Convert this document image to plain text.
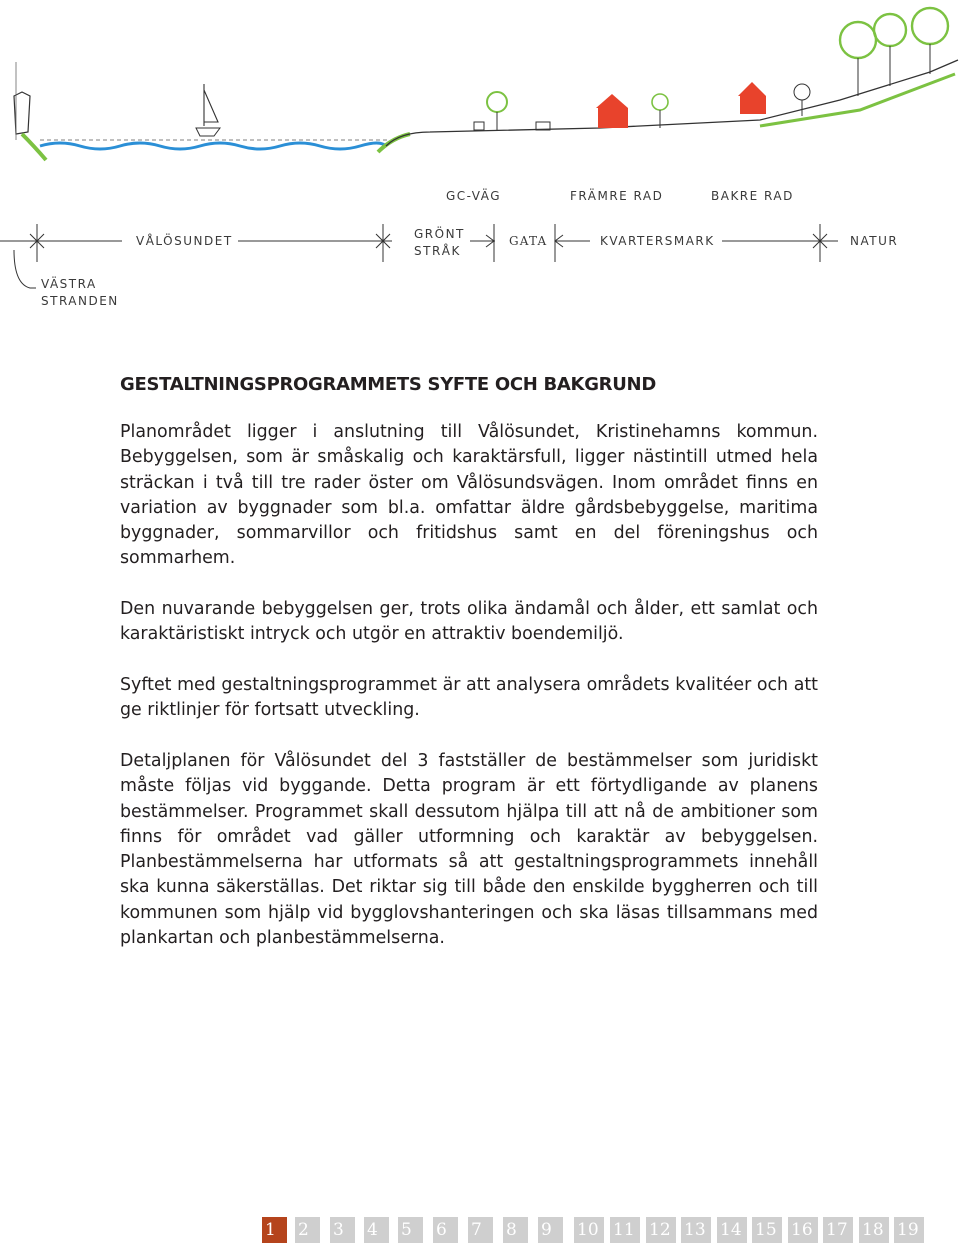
GC-VÄG	FRÄMRE RAD	BAKRE RAD
VÅLÖSUNDET	GRÖNT
STRÅK
GATA	KVARTERSMARK	NATUR
VÄSTRA
STRANDEN
GESTALTNINGSPROGRAMMETS SYFTE OCH BAKGRUND

Planområdet ligger i anslutning till Vålösundet, Kristinehamns kommun. Bebyggelsen, som är småskalig och karaktärsfull, ligger nästintill utmed hela sträckan i två till tre rader öster om Vålösundsvägen. Inom området finns en variation av byggnader som bl.a. omfattar äldre gårdsbebyggelse, maritima byggnader, sommarvillor och fritidshus samt en del föreningshus och sommarhem.

Den nuvarande bebyggelsen ger, trots olika ändamål och ålder, ett samlat och karaktäristiskt intryck och utgör en attraktiv boendemiljö.

Syftet med gestaltningsprogrammet är att analysera områdets kvalitéer och att ge riktlinjer för fortsatt utveckling.

Detaljplanen för Vålösundet del 3 fastställer de bestämmelser som juridiskt måste följas vid byggande. Detta program är ett förtydligande av planens bestämmelser. Programmet skall dessutom hjälpa till att nå de ambitioner som finns för området vad gäller utformning och karaktär av bebyggelsen. Planbestämmelserna har utformats så att gestaltningsprogrammets innehåll ska kunna säkerställas. Det riktar sig till både den enskilde byggherren och till kommunen som hjälp vid bygglovshanteringen och ska läsas tillsammans med plankartan och planbestämmelserna.

1	2	3	4	5	6	7	8	9	10 11 12 13 14 15 16 17 18 19
